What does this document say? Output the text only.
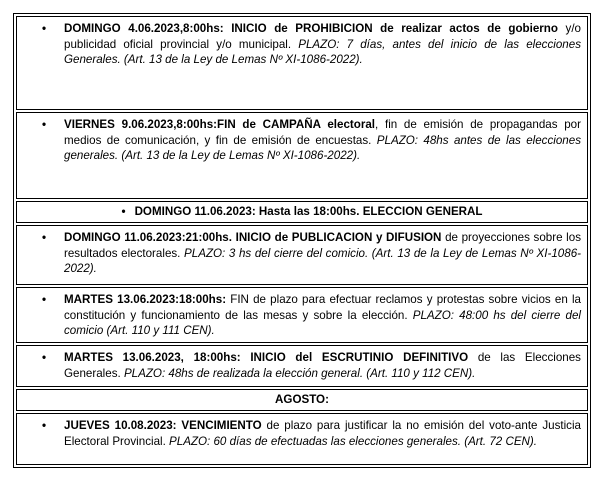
• DOMINGO 4.06.2023,8:00hs: INICIO de PROHIBICION de realizar actos de gobierno y/o publicidad oficial provincial y/o municipal. PLAZO: 7 días, antes del inicio de las elecciones Generales. (Art. 13 de la Ley de Lemas Nº XI-1086-2022).
• VIERNES 9.06.2023,8:00hs:FIN de CAMPAÑA electoral, fin de emisión de propagandas por medios de comunicación, y fin de emisión de encuestas. PLAZO: 48hs antes de las elecciones generales. (Art. 13 de la Ley de Lemas Nº XI-1086-2022).
• DOMINGO 11.06.2023: Hasta las 18:00hs. ELECCION GENERAL
• DOMINGO 11.06.2023:21:00hs. INICIO de PUBLICACION y DIFUSION de proyecciones sobre los resultados electorales. PLAZO: 3 hs del cierre del comicio. (Art. 13 de la Ley de Lemas Nº XI-1086-2022).
• MARTES 13.06.2023:18:00hs: FIN de plazo para efectuar reclamos y protestas sobre vicios en la constitución y funcionamiento de las mesas y sobre la elección. PLAZO: 48:00 hs del cierre del comicio (Art. 110 y 111 CEN).
• MARTES 13.06.2023, 18:00hs: INICIO del ESCRUTINIO DEFINITIVO de las Elecciones Generales. PLAZO: 48hs de realizada la elección general. (Art. 110 y 112 CEN).
AGOSTO:
• JUEVES 10.08.2023: VENCIMIENTO de plazo para justificar la no emisión del voto-ante Justicia Electoral Provincial. PLAZO: 60 días de efectuadas las elecciones generales. (Art. 72 CEN).
